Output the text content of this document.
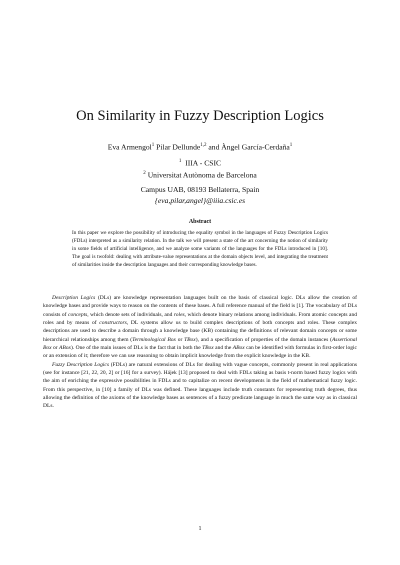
On Similarity in Fuzzy Description Logics
Eva Armengol$^1$ Pilar Dellunde$^{1,2}$ and Àngel García-Cerdaña$^1$
$^1$ IIIA - CSIC
$^2$ Universitat Autònoma de Barcelona
Campus UAB, 08193 Bellaterra, Spain
{eva,pilar,angel}@iiia.csic.es
Abstract
In this paper we explore the possibility of introducing the equality symbol in the languages of Fuzzy Description Logics (FDLs) interpreted as a similarity relation. In the talk we will present a state of the art concerning the notion of similarity in some fields of artificial intelligence, and we analyze some variants of the languages for the FDLs introduced in [10]. The goal is twofold: dealing with attribute-value representations at the domain objects level, and integrating the treatment of similarities inside the description languages and their corresponding knowledge bases.

Description Logics (DLs) are knowledge representation languages built on the basis of classical logic. DLs allow the creation of knowledge bases and provide ways to reason on the contents of these bases. A full reference manual of the field is [1]. The vocabulary of DLs consists of concepts, which denote sets of individuals, and roles, which denote binary relations among individuals. From atomic concepts and roles and by means of constructors, DL systems allow us to build complex descriptions of both concepts and roles. These complex descriptions are used to describe a domain through a knowledge base (KB) containing the definitions of relevant domain concepts or some hierarchical relationships among them (Terminological Box or TBox), and a specification of properties of the domain instances (Assertional Box or ABox). One of the main issues of DLs is the fact that in both the TBox and the ABox can be identified with formulas in first-order logic or an extension of it; therefore we can use reasoning to obtain implicit knowledge from the explicit knowledge in the KB.

Fuzzy Description Logics (FDLs) are natural extensions of DLs for dealing with vague concepts, commonly present in real applications (see for instance [21, 22, 20, 2] or [16] for a survey). Hájek [13] proposed to deal with FDLs taking as basis t-norm based fuzzy logics with the aim of enriching the expressive possibilities in FDLs and to capitalize on recent developments in the field of mathematical fuzzy logic. From this perspective, in [10] a family of DLs was defined. These languages include truth constants for representing truth degrees, thus allowing the definition of the axioms of the knowledge bases as sentences of a fuzzy predicate language in much the same way as in classical DLs.

1
